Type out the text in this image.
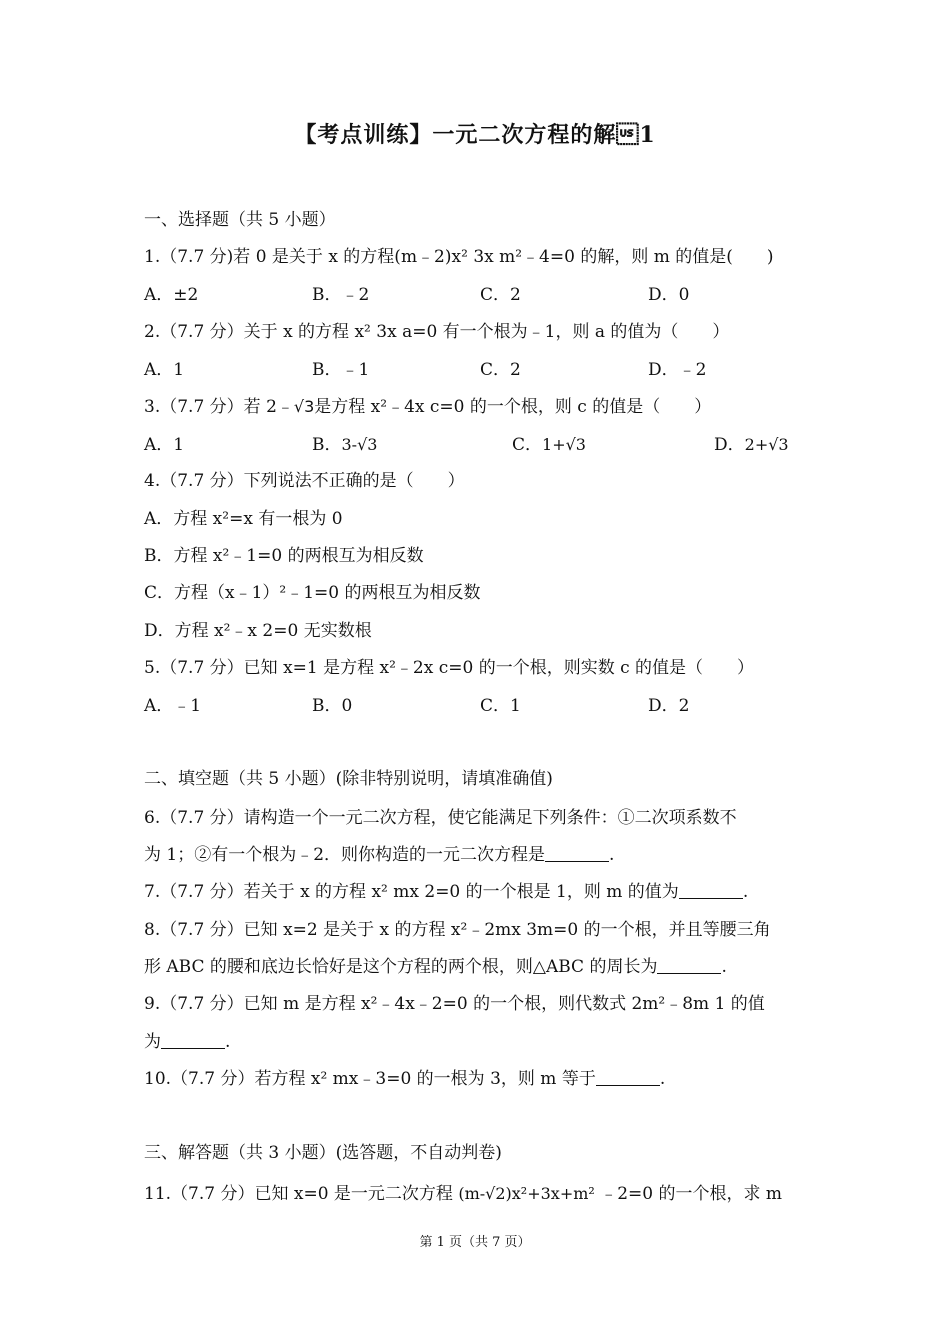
【考点训练】一元二次方程的解1
一、选择题（共 5 小题）
1.（7.7 分)若 0 是关于 x 的方程(m﹣2)x² 3x m²﹣4=0 的解，则 m 的值是(　　)
A．±2	B．﹣2	C．2	D．0
2.（7.7 分）关于 x 的方程 x² 3x a=0 有一个根为﹣1，则 a 的值为（　　）
A．1	B．﹣1	C．2	D．﹣2
3.（7.7 分）若 2﹣√3是方程 x²﹣4x c=0 的一个根，则 c 的值是（　　）
A．1	B．3-√3	C．1+√3	D．2+√3
4.（7.7 分）下列说法不正确的是（　　）
A．方程 x²=x 有一根为 0
B．方程 x²﹣1=0 的两根互为相反数
C．方程（x﹣1）²﹣1=0 的两根互为相反数
D．方程 x²﹣x 2=0 无实数根
5.（7.7 分）已知 x=1 是方程 x²﹣2x c=0 的一个根，则实数 c 的值是（　　）
A．﹣1	B．0	C．1	D．2
二、填空题（共 5 小题）(除非特别说明，请填准确值)
6.（7.7 分）请构造一个一元二次方程，使它能满足下列条件：①二次项系数不
为 1；②有一个根为﹣2．则你构造的一元二次方程是	.
7.（7.7 分）若关于 x 的方程 x² mx 2=0 的一个根是 1，则 m 的值为	.
8.（7.7 分）已知 x=2 是关于 x 的方程 x²﹣2mx 3m=0 的一个根，并且等腰三角
形 ABC 的腰和底边长恰好是这个方程的两个根，则△ABC 的周长为	.
9.（7.7 分）已知 m 是方程 x²﹣4x﹣2=0 的一个根，则代数式 2m²﹣8m 1 的值
为	.
10.（7.7 分）若方程 x² mx﹣3=0 的一根为 3，则 m 等于	.
三、解答题（共 3 小题）(选答题，不自动判卷)
11.（7.7 分）已知 x=0 是一元二次方程 (m-√2)x²+3x+m² ﹣2=0 的一个根，求 m
第 1 页（共 7 页）
